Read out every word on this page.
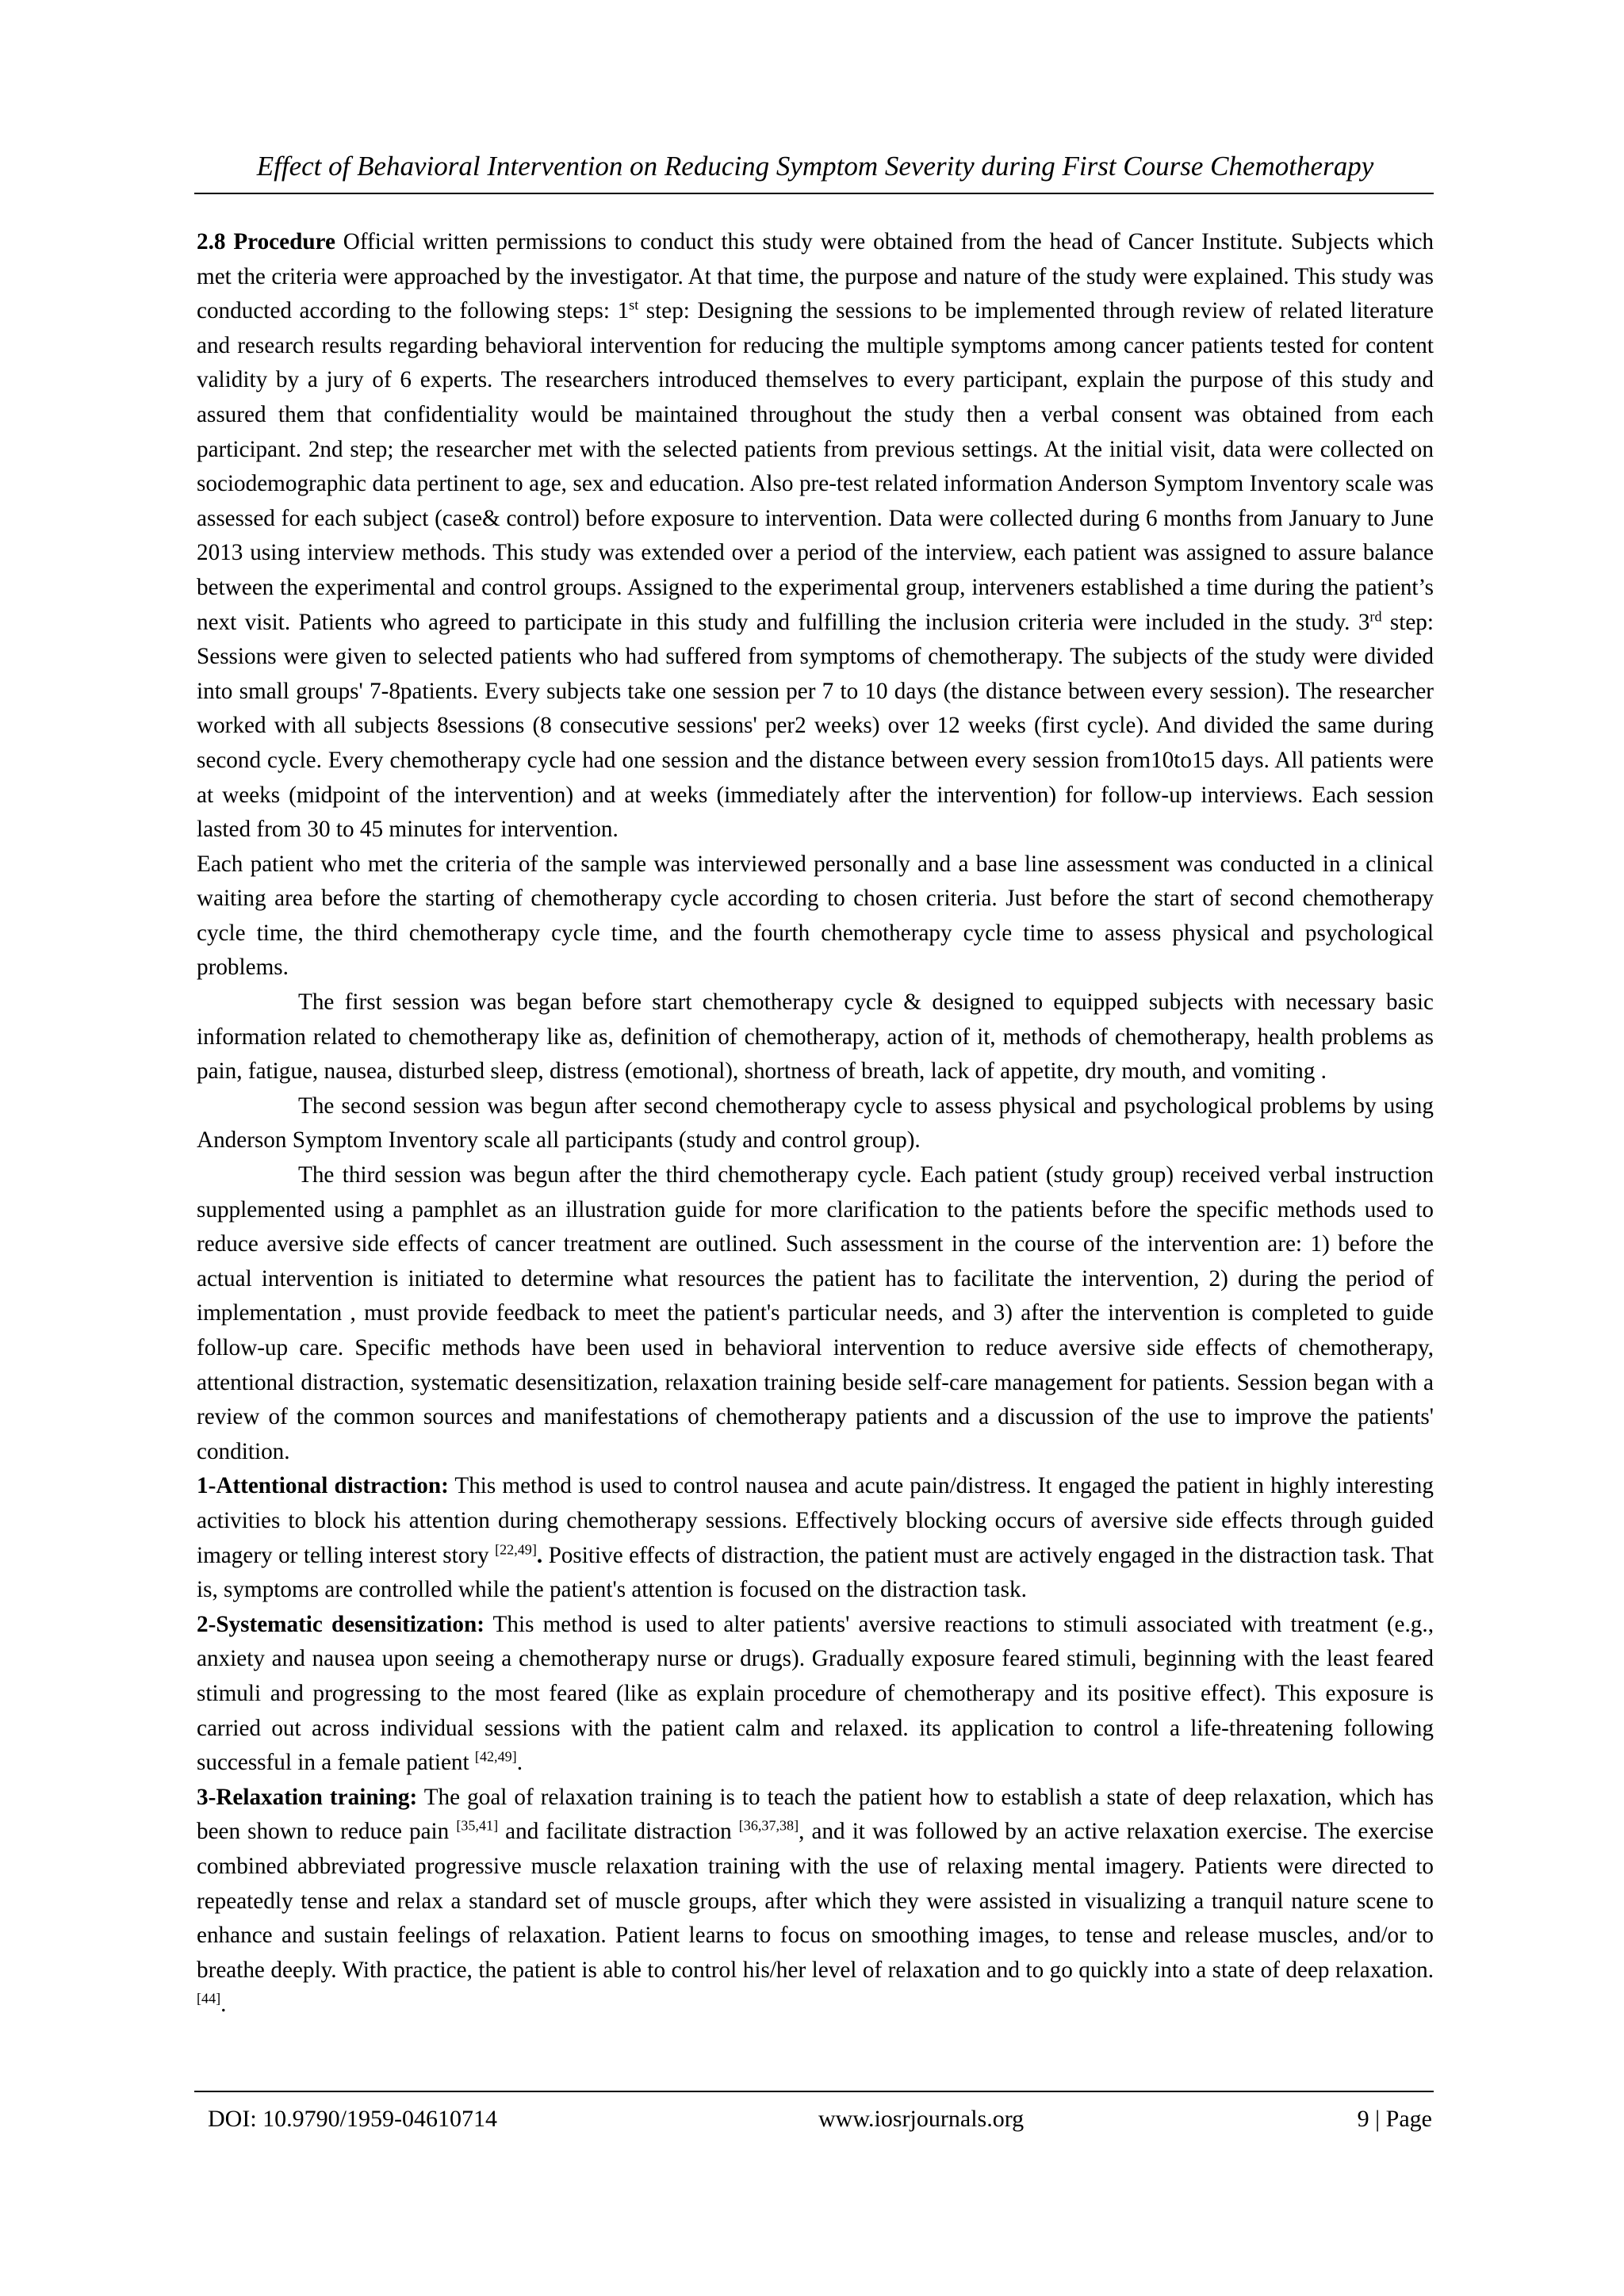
Effect of Behavioral Intervention on Reducing Symptom Severity during First Course Chemotherapy

2.8 Procedure Official written permissions to conduct this study were obtained from the head of Cancer Institute. Subjects which met the criteria were approached by the investigator. At that time, the purpose and nature of the study were explained. This study was conducted according to the following steps: 1st step: Designing the sessions to be implemented through review of related literature and research results regarding behavioral intervention for reducing the multiple symptoms among cancer patients tested for content validity by a jury of 6 experts. The researchers introduced themselves to every participant, explain the purpose of this study and assured them that confidentiality would be maintained throughout the study then a verbal consent was obtained from each participant. 2nd step; the researcher met with the selected patients from previous settings. At the initial visit, data were collected on sociodemographic data pertinent to age, sex and education. Also pre-test related information Anderson Symptom Inventory scale was assessed for each subject (case& control) before exposure to intervention. Data were collected during 6 months from January to June 2013 using interview methods. This study was extended over a period of the interview, each patient was assigned to assure balance between the experimental and control groups. Assigned to the experimental group, interveners established a time during the patient’s next visit. Patients who agreed to participate in this study and fulfilling the inclusion criteria were included in the study. 3rd step: Sessions were given to selected patients who had suffered from symptoms of chemotherapy. The subjects of the study were divided into small groups' 7-8patients. Every subjects take one session per 7 to 10 days (the distance between every session). The researcher worked with all subjects 8sessions (8 consecutive sessions' per2 weeks) over 12 weeks (first cycle). And divided the same during second cycle. Every chemotherapy cycle had one session and the distance between every session from10to15 days. All patients were at weeks (midpoint of the intervention) and at weeks (immediately after the intervention) for follow-up interviews. Each session lasted from 30 to 45 minutes for intervention.

Each patient who met the criteria of the sample was interviewed personally and a base line assessment was conducted in a clinical waiting area before the starting of chemotherapy cycle according to chosen criteria. Just before the start of second chemotherapy cycle time, the third chemotherapy cycle time, and the fourth chemotherapy cycle time to assess physical and psychological problems.

The first session was began before start chemotherapy cycle & designed to equipped subjects with necessary basic information related to chemotherapy like as, definition of chemotherapy, action of it, methods of chemotherapy, health problems as pain, fatigue, nausea, disturbed sleep, distress (emotional), shortness of breath, lack of appetite, dry mouth, and vomiting .

The second session was begun after second chemotherapy cycle to assess physical and psychological problems by using Anderson Symptom Inventory scale all participants (study and control group).

The third session was begun after the third chemotherapy cycle. Each patient (study group) received verbal instruction supplemented using a pamphlet as an illustration guide for more clarification to the patients before the specific methods used to reduce aversive side effects of cancer treatment are outlined. Such assessment in the course of the intervention are: 1) before the actual intervention is initiated to determine what resources the patient has to facilitate the intervention, 2) during the period of implementation , must provide feedback to meet the patient's particular needs, and 3) after the intervention is completed to guide follow-up care. Specific methods have been used in behavioral intervention to reduce aversive side effects of chemotherapy, attentional distraction, systematic desensitization, relaxation training beside self-care management for patients. Session began with a review of the common sources and manifestations of chemotherapy patients and a discussion of the use to improve the patients' condition.

1-Attentional distraction: This method is used to control nausea and acute pain/distress. It engaged the patient in highly interesting activities to block his attention during chemotherapy sessions. Effectively blocking occurs of aversive side effects through guided imagery or telling interest story [22,49]. Positive effects of distraction, the patient must are actively engaged in the distraction task. That is, symptoms are controlled while the patient's attention is focused on the distraction task.

2-Systematic desensitization: This method is used to alter patients' aversive reactions to stimuli associated with treatment (e.g., anxiety and nausea upon seeing a chemotherapy nurse or drugs). Gradually exposure feared stimuli, beginning with the least feared stimuli and progressing to the most feared (like as explain procedure of chemotherapy and its positive effect). This exposure is carried out across individual sessions with the patient calm and relaxed. its application to control a life-threatening following successful in a female patient [42,49].

3-Relaxation training: The goal of relaxation training is to teach the patient how to establish a state of deep relaxation, which has been shown to reduce pain [35,41] and facilitate distraction [36,37,38], and it was followed by an active relaxation exercise. The exercise combined abbreviated progressive muscle relaxation training with the use of relaxing mental imagery. Patients were directed to repeatedly tense and relax a standard set of muscle groups, after which they were assisted in visualizing a tranquil nature scene to enhance and sustain feelings of relaxation. Patient learns to focus on smoothing images, to tense and release muscles, and/or to breathe deeply. With practice, the patient is able to control his/her level of relaxation and to go quickly into a state of deep relaxation. [44].

DOI: 10.9790/1959-04610714	www.iosrjournals.org	9 | Page
